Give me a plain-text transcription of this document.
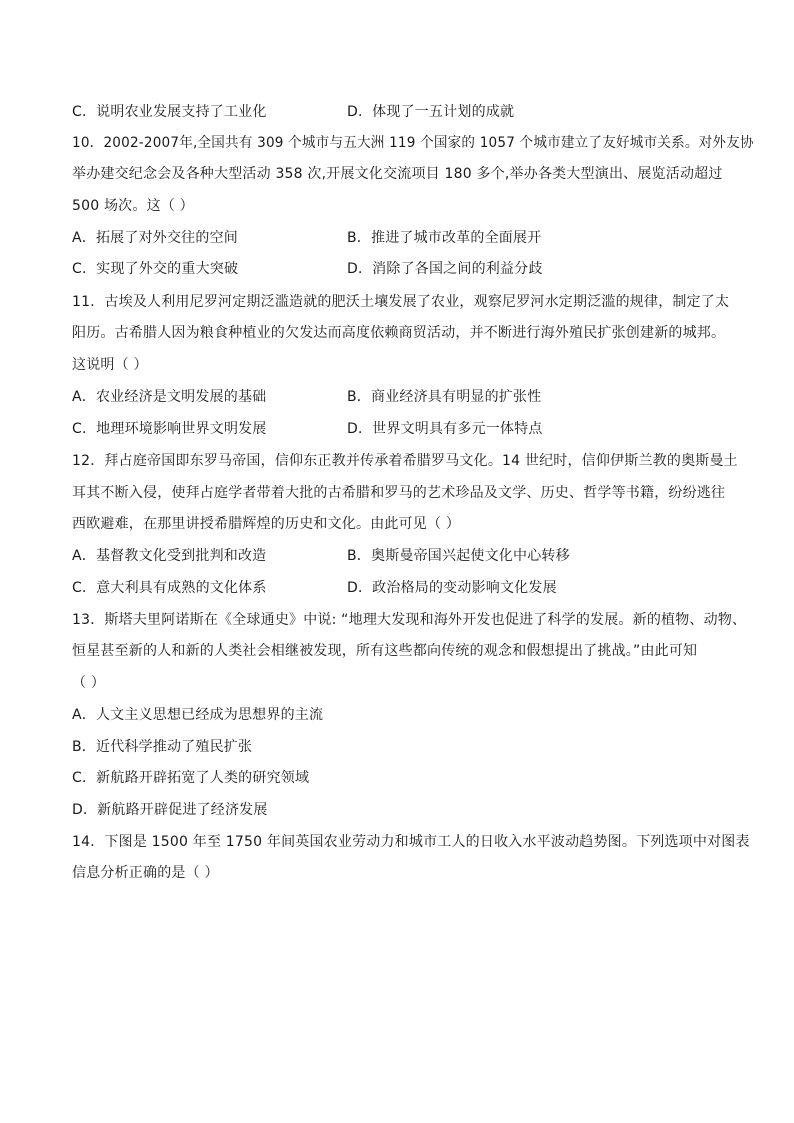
C．说明农业发展支持了工业化	D．体现了一五计划的成就
10．2002-2007年,全国共有 309 个城市与五大洲 119 个国家的 1057 个城市建立了友好城市关系。对外友协
举办建交纪念会及各种大型活动 358 次,开展文化交流项目 180 多个,举办各类大型演出、展览活动超过
500 场次。这（ ）
A．拓展了对外交往的空间	B．推进了城市改革的全面展开
C．实现了外交的重大突破	D．消除了各国之间的利益分歧
11．古埃及人利用尼罗河定期泛滥造就的肥沃土壤发展了农业，观察尼罗河水定期泛滥的规律，制定了太
阳历。古希腊人因为粮食种植业的欠发达而高度依赖商贸活动，并不断进行海外殖民扩张创建新的城邦。
这说明（ ）
A．农业经济是文明发展的基础	B．商业经济具有明显的扩张性
C．地理环境影响世界文明发展	D．世界文明具有多元一体特点
12．拜占庭帝国即东罗马帝国，信仰东正教并传承着希腊罗马文化。14 世纪时，信仰伊斯兰教的奥斯曼土
耳其不断入侵，使拜占庭学者带着大批的古希腊和罗马的艺术珍品及文学、历史、哲学等书籍，纷纷逃往
西欧避难，在那里讲授希腊辉煌的历史和文化。由此可见（ ）
A．基督教文化受到批判和改造	B．奥斯曼帝国兴起使文化中心转移
C．意大利具有成熟的文化体系	D．政治格局的变动影响文化发展
13．斯塔夫里阿诺斯在《全球通史》中说: “地理大发现和海外开发也促进了科学的发展。新的植物、动物、
恒星甚至新的人和新的人类社会相继被发现，所有这些都向传统的观念和假想提出了挑战。”由此可知
（ ）
A．人文主义思想已经成为思想界的主流
B．近代科学推动了殖民扩张
C．新航路开辟拓宽了人类的研究领域
D．新航路开辟促进了经济发展
14．下图是 1500 年至 1750 年间英国农业劳动力和城市工人的日收入水平波动趋势图。下列选项中对图表
信息分析正确的是（ ）
